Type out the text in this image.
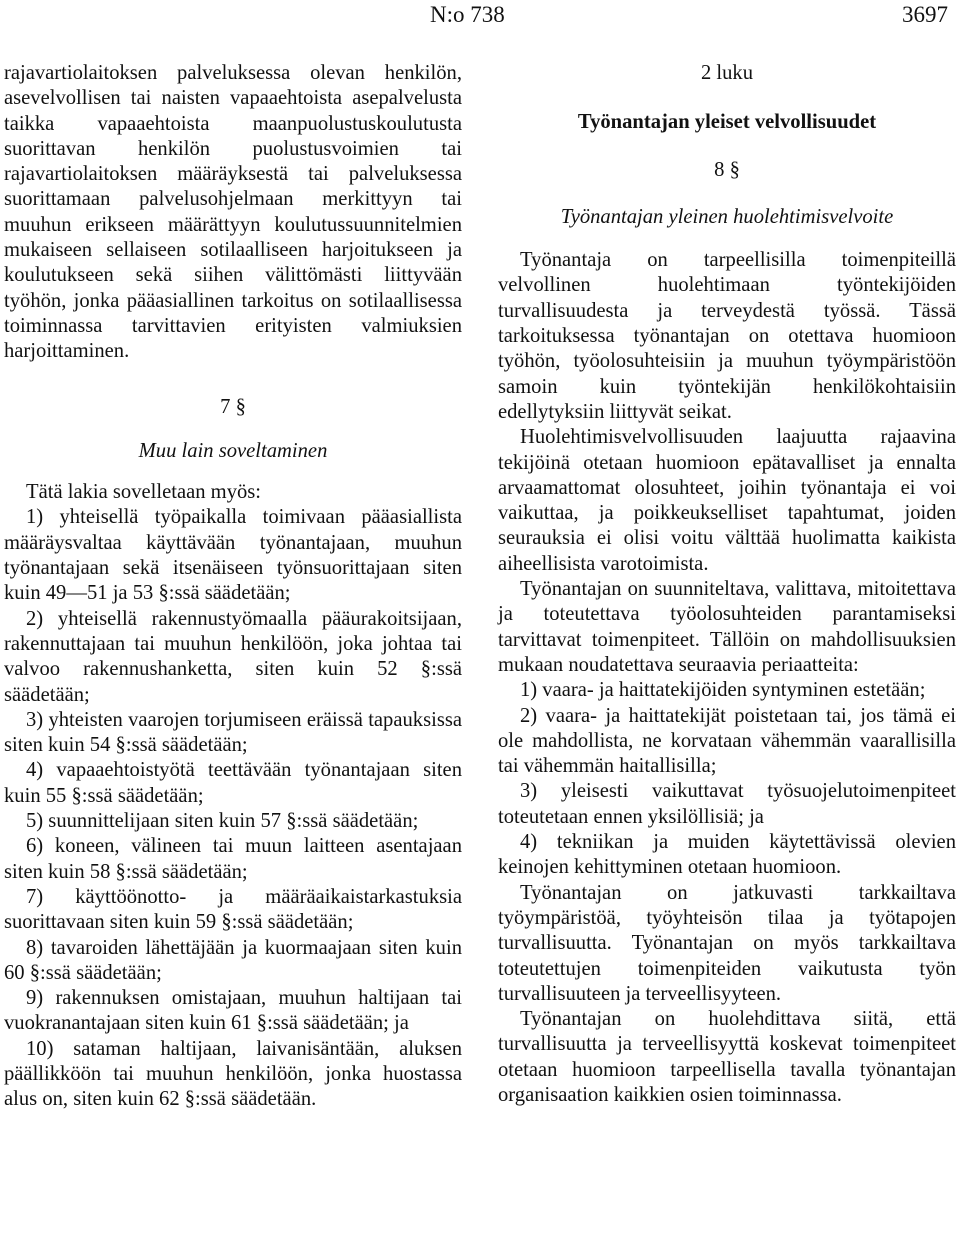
N:o 738	3697

rajavartiolaitoksen palveluksessa olevan henkilön, asevelvollisen tai naisten vapaaehtoista asepalvelusta taikka vapaaehtoista maanpuolustuskoulutusta suorittavan henkilön puolustusvoimien tai rajavartiolaitoksen määräyksestä tai palveluksessa suorittamaan palvelusohjelmaan merkittyyn tai muuhun erikseen määrättyyn koulutussuunnitelmien mukaiseen sellaiseen sotilaalliseen harjoitukseen ja koulutukseen sekä siihen välittömästi liittyvään työhön, jonka pääasiallinen tarkoitus on sotilaallisessa toiminnassa tarvittavien erityisten valmiuksien harjoittaminen.

7 §
Muu lain soveltaminen

Tätä lakia sovelletaan myös:

1) yhteisellä työpaikalla toimivaan pääasiallista määräysvaltaa käyttävään työnantajaan, muuhun työnantajaan sekä itsenäiseen työnsuorittajaan siten kuin 49—51 ja 53 §:ssä säädetään;

2) yhteisellä rakennustyömaalla pääurakoitsijaan, rakennuttajaan tai muuhun henkilöön, joka johtaa tai valvoo rakennushanketta, siten kuin 52 §:ssä säädetään;

3) yhteisten vaarojen torjumiseen eräissä tapauksissa siten kuin 54 §:ssä säädetään;

4) vapaaehtoistyötä teettävään työnantajaan siten kuin 55 §:ssä säädetään;

5) suunnittelijaan siten kuin 57 §:ssä säädetään;

6) koneen, välineen tai muun laitteen asentajaan siten kuin 58 §:ssä säädetään;

7) käyttöönotto- ja määräaikaistarkastuksia suorittavaan siten kuin 59 §:ssä säädetään;

8) tavaroiden lähettäjään ja kuormaajaan siten kuin 60 §:ssä säädetään;

9) rakennuksen omistajaan, muuhun haltijaan tai vuokranantajaan siten kuin 61 §:ssä säädetään; ja

10) sataman haltijaan, laivanisäntään, aluksen päällikköön tai muuhun henkilöön, jonka huostassa alus on, siten kuin 62 §:ssä säädetään.

2 luku
Työnantajan yleiset velvollisuudet
8 §
Työnantajan yleinen huolehtimisvelvoite

Työnantaja on tarpeellisilla toimenpiteillä velvollinen huolehtimaan työntekijöiden turvallisuudesta ja terveydestä työssä. Tässä tarkoituksessa työnantajan on otettava huomioon työhön, työolosuhteisiin ja muuhun työympäristöön samoin kuin työntekijän henkilökohtaisiin edellytyksiin liittyvät seikat.

Huolehtimisvelvollisuuden laajuutta rajaavina tekijöinä otetaan huomioon epätavalliset ja ennalta arvaamattomat olosuhteet, joihin työnantaja ei voi vaikuttaa, ja poikkeukselliset tapahtumat, joiden seurauksia ei olisi voitu välttää huolimatta kaikista aiheellisista varotoimista.

Työnantajan on suunniteltava, valittava, mitoitettava ja toteutettava työolosuhteiden parantamiseksi tarvittavat toimenpiteet. Tällöin on mahdollisuuksien mukaan noudatettava seuraavia periaatteita:

1) vaara- ja haittatekijöiden syntyminen estetään;

2) vaara- ja haittatekijät poistetaan tai, jos tämä ei ole mahdollista, ne korvataan vähemmän vaarallisilla tai vähemmän haitallisilla;

3) yleisesti vaikuttavat työsuojelutoimenpiteet toteutetaan ennen yksilöllisiä; ja

4) tekniikan ja muiden käytettävissä olevien keinojen kehittyminen otetaan huomioon.

Työnantajan on jatkuvasti tarkkailtava työympäristöä, työyhteisön tilaa ja työtapojen turvallisuutta. Työnantajan on myös tarkkailtava toteutettujen toimenpiteiden vaikutusta työn turvallisuuteen ja terveellisyyteen.

Työnantajan on huolehdittava siitä, että turvallisuutta ja terveellisyyttä koskevat toimenpiteet otetaan huomioon tarpeellisella tavalla työnantajan organisaation kaikkien osien toiminnassa.
